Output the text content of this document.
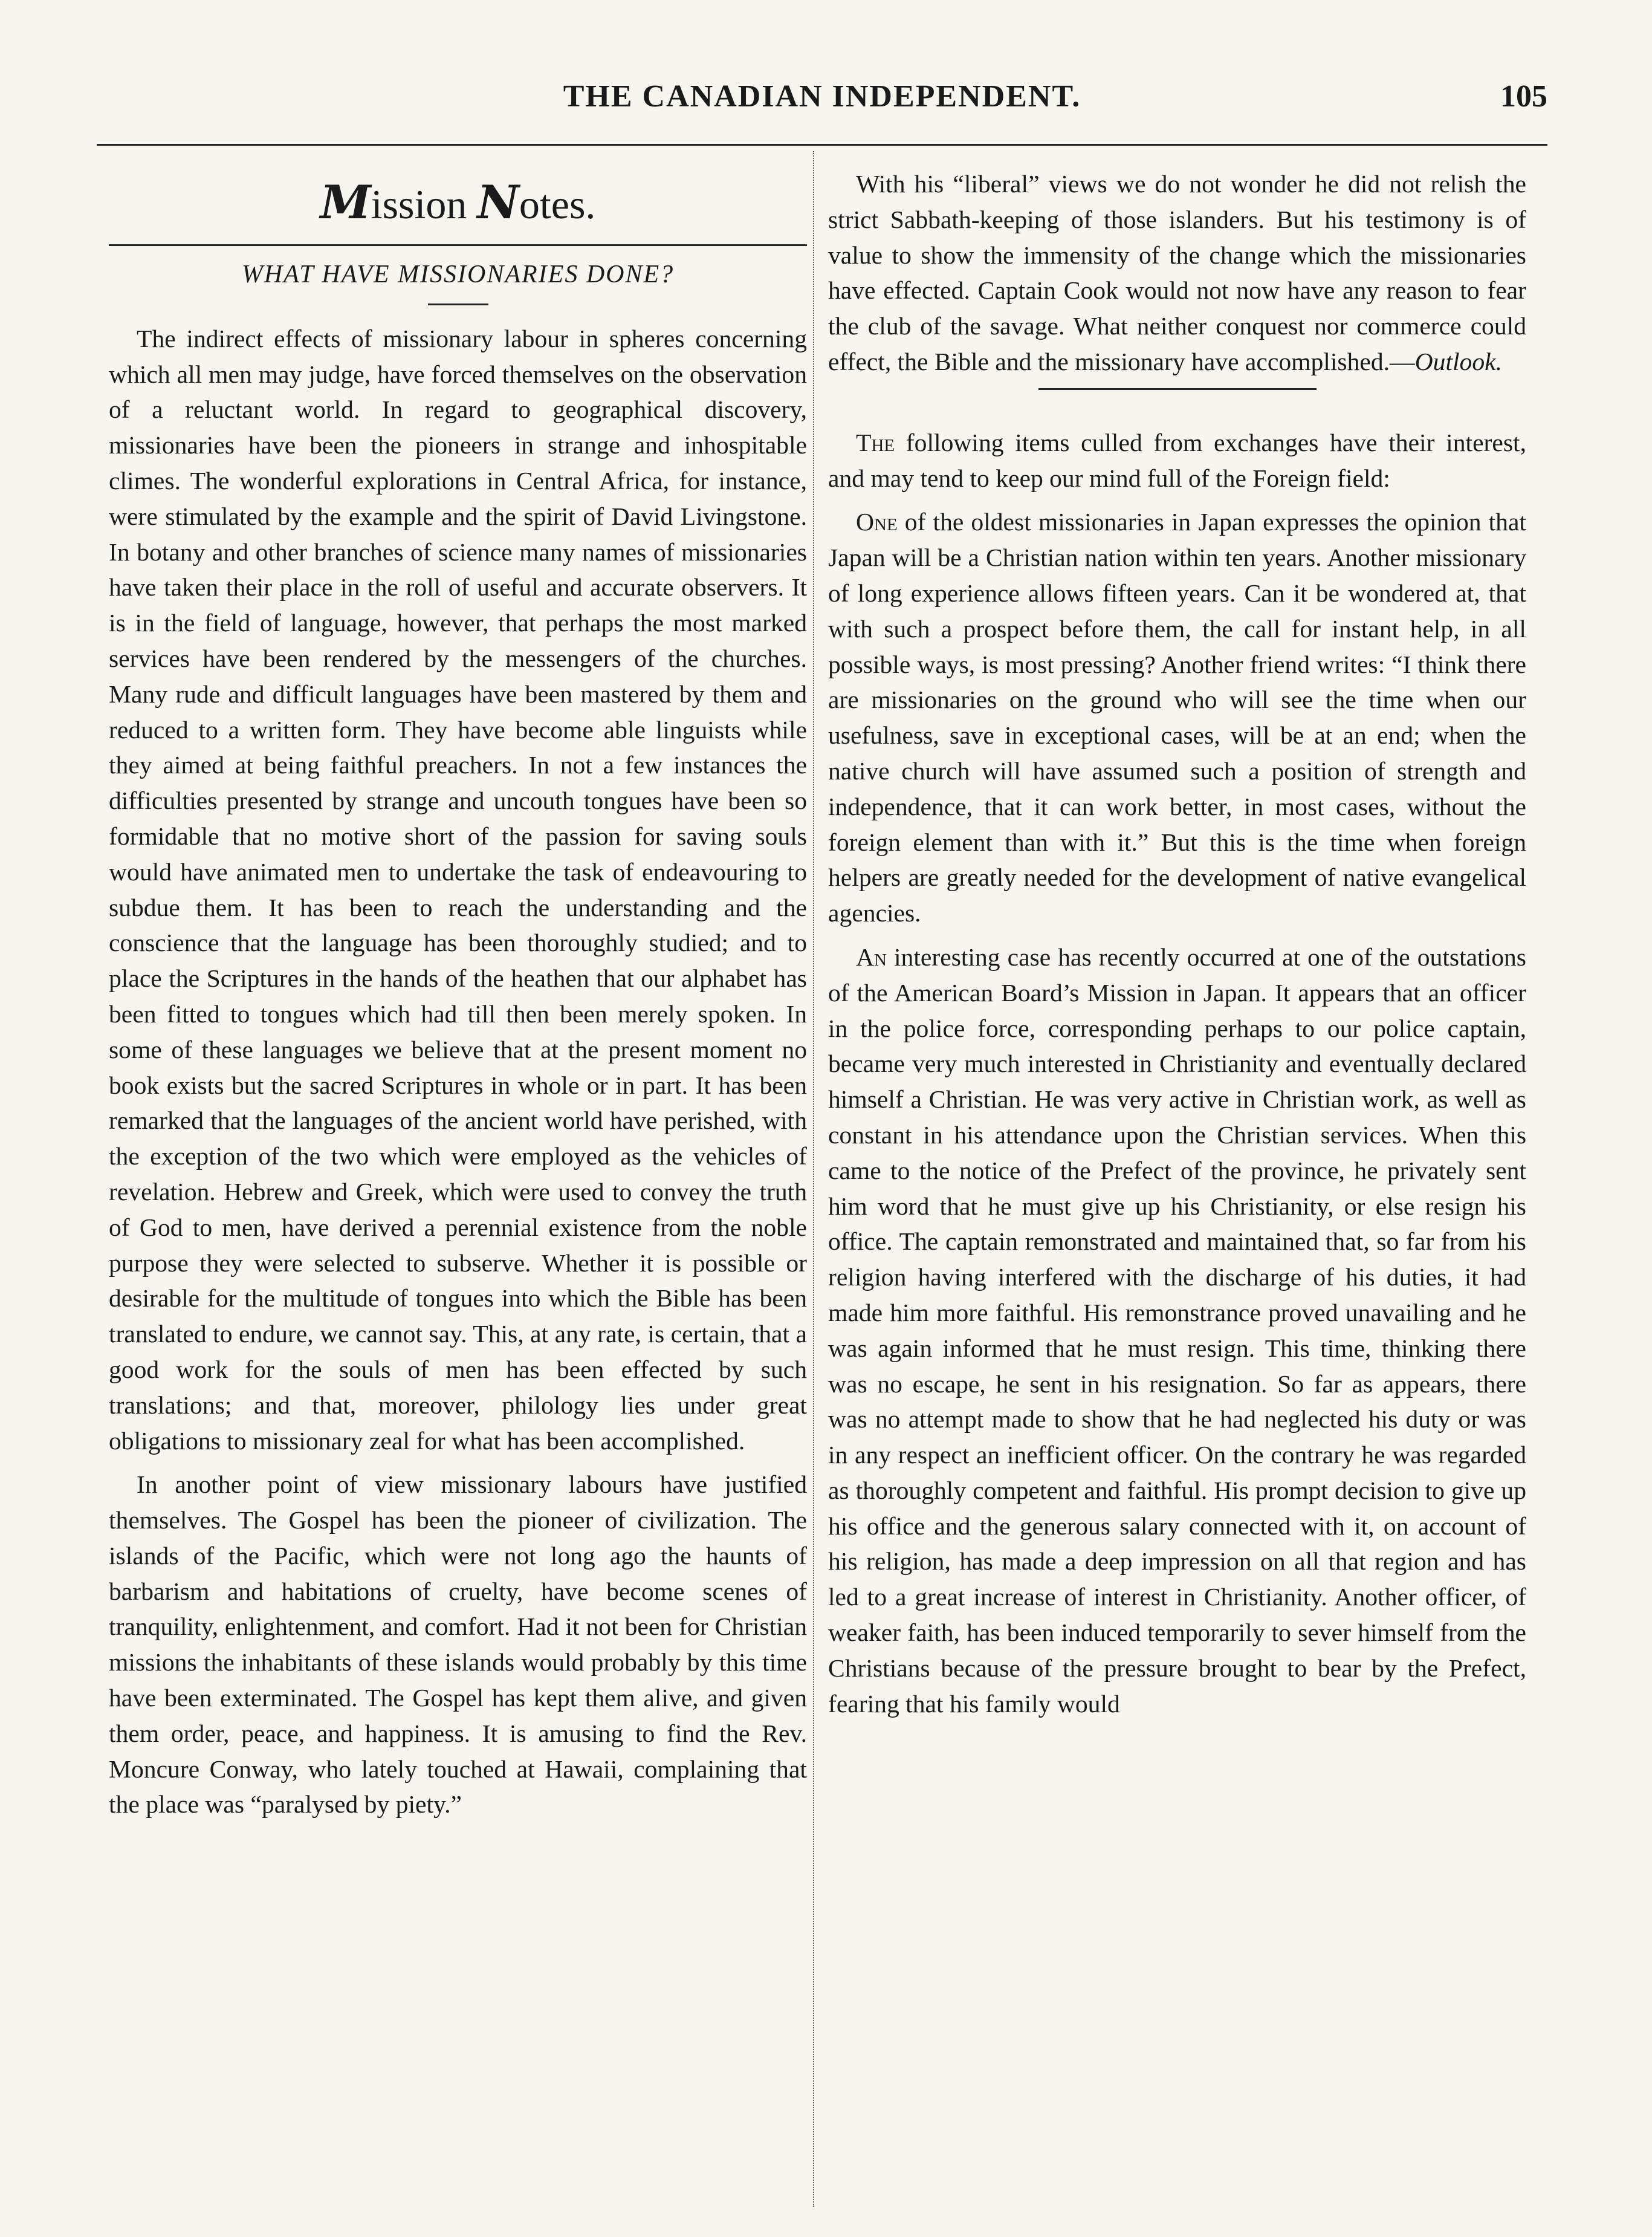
THE CANADIAN INDEPENDENT.	105
Mission Notes.
WHAT HAVE MISSIONARIES DONE?

The indirect effects of missionary labour in spheres concerning which all men may judge, have forced themselves on the observation of a reluctant world. In regard to geographical discovery, missionaries have been the pioneers in strange and inhospitable climes. The wonderful explorations in Central Africa, for instance, were stimulated by the example and the spirit of David Livingstone. In botany and other branches of science many names of missionaries have taken their place in the roll of useful and accurate observers. It is in the field of language, however, that perhaps the most marked services have been rendered by the messengers of the churches. Many rude and difficult languages have been mastered by them and reduced to a written form. They have become able linguists while they aimed at being faithful preachers. In not a few instances the difficulties presented by strange and uncouth tongues have been so formidable that no motive short of the passion for saving souls would have animated men to undertake the task of endeavouring to subdue them. It has been to reach the understanding and the conscience that the language has been thoroughly studied; and to place the Scriptures in the hands of the heathen that our alphabet has been fitted to tongues which had till then been merely spoken. In some of these languages we believe that at the present moment no book exists but the sacred Scriptures in whole or in part. It has been remarked that the languages of the ancient world have perished, with the exception of the two which were employed as the vehicles of revelation. Hebrew and Greek, which were used to convey the truth of God to men, have derived a perennial existence from the noble purpose they were selected to subserve. Whether it is possible or desirable for the multitude of tongues into which the Bible has been translated to endure, we cannot say. This, at any rate, is certain, that a good work for the souls of men has been effected by such translations; and that, moreover, philology lies under great obligations to missionary zeal for what has been accomplished.

In another point of view missionary labours have justified themselves. The Gospel has been the pioneer of civilization. The islands of the Pacific, which were not long ago the haunts of barbarism and habitations of cruelty, have become scenes of tranquility, enlightenment, and comfort. Had it not been for Christian missions the inhabitants of these islands would probably by this time have been exterminated. The Gospel has kept them alive, and given them order, peace, and happiness. It is amusing to find the Rev. Moncure Conway, who lately touched at Hawaii, complaining that the place was “paralysed by piety.”

With his “liberal” views we do not wonder he did not relish the strict Sabbath-keeping of those islanders. But his testimony is of value to show the immensity of the change which the missionaries have effected. Captain Cook would not now have any reason to fear the club of the savage. What neither conquest nor commerce could effect, the Bible and the missionary have accomplished.—Outlook.

The following items culled from exchanges have their interest, and may tend to keep our mind full of the Foreign field:

One of the oldest missionaries in Japan expresses the opinion that Japan will be a Christian nation within ten years. Another missionary of long experience allows fifteen years. Can it be wondered at, that with such a prospect before them, the call for instant help, in all possible ways, is most pressing? Another friend writes: “I think there are missionaries on the ground who will see the time when our usefulness, save in exceptional cases, will be at an end; when the native church will have assumed such a position of strength and independence, that it can work better, in most cases, without the foreign element than with it.” But this is the time when foreign helpers are greatly needed for the development of native evangelical agencies.

An interesting case has recently occurred at one of the outstations of the American Board’s Mission in Japan. It appears that an officer in the police force, corresponding perhaps to our police captain, became very much interested in Christianity and eventually declared himself a Christian. He was very active in Christian work, as well as constant in his attendance upon the Christian services. When this came to the notice of the Prefect of the province, he privately sent him word that he must give up his Christianity, or else resign his office. The captain remonstrated and maintained that, so far from his religion having interfered with the discharge of his duties, it had made him more faithful. His remonstrance proved unavailing and he was again informed that he must resign. This time, thinking there was no escape, he sent in his resignation. So far as appears, there was no attempt made to show that he had neglected his duty or was in any respect an inefficient officer. On the contrary he was regarded as thoroughly competent and faithful. His prompt decision to give up his office and the generous salary connected with it, on account of his religion, has made a deep impression on all that region and has led to a great increase of interest in Christianity. Another officer, of weaker faith, has been induced temporarily to sever himself from the Christians because of the pressure brought to bear by the Prefect, fearing that his family would
